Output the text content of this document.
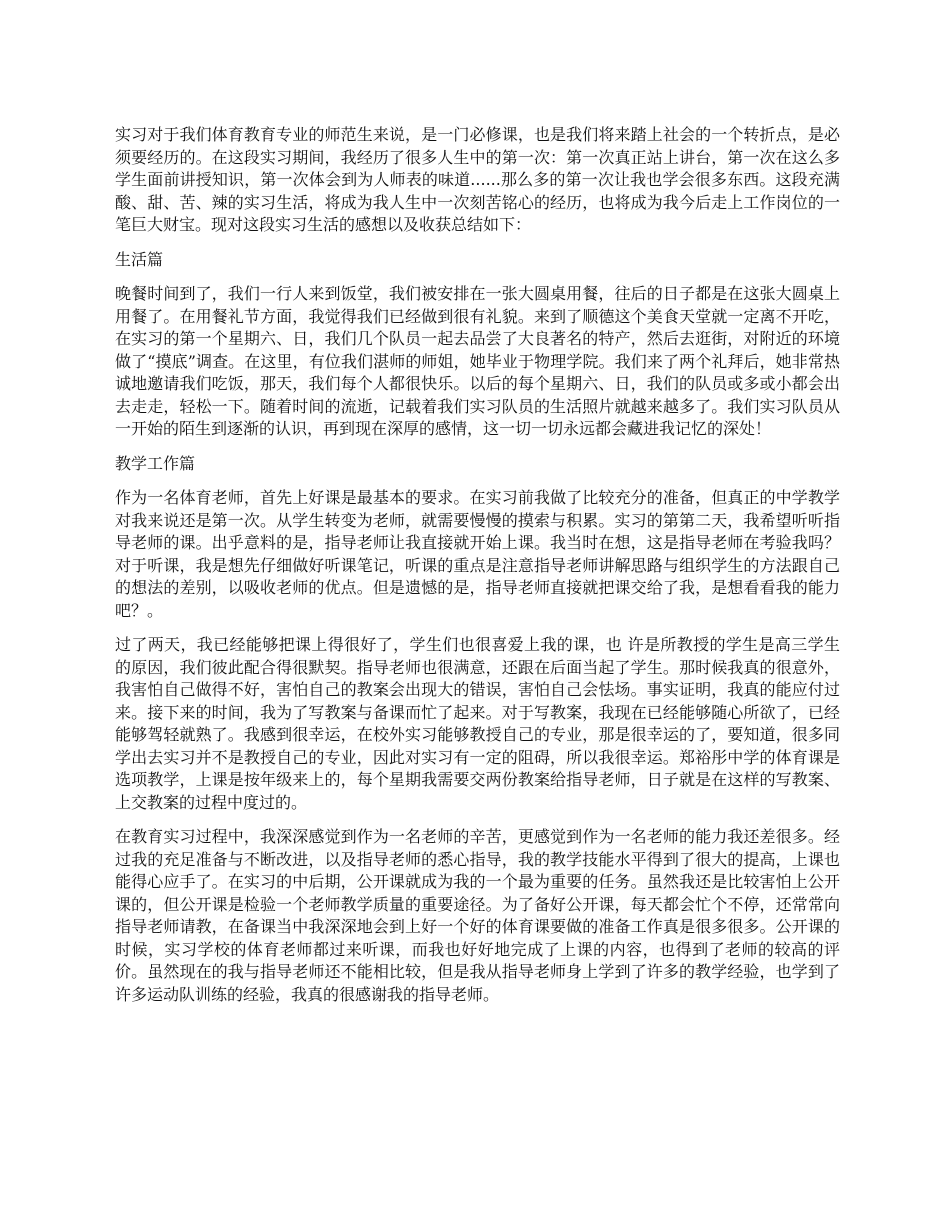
实习对于我们体育教育专业的师范生来说，是一门必修课，也是我们将来踏上社会的一个转折点，是必须要经历的。在这段实习期间，我经历了很多人生中的第一次：第一次真正站上讲台，第一次在这么多学生面前讲授知识，第一次体会到为人师表的味道......那么多的第一次让我也学会很多东西。这段充满酸、甜、苦、辣的实习生活，将成为我人生中一次刻苦铭心的经历，也将成为我今后走上工作岗位的一笔巨大财宝。现对这段实习生活的感想以及收获总结如下：

生活篇

晚餐时间到了，我们一行人来到饭堂，我们被安排在一张大圆桌用餐，往后的日子都是在这张大圆桌上用餐了。在用餐礼节方面，我觉得我们已经做到很有礼貌。来到了顺德这个美食天堂就一定离不开吃，在实习的第一个星期六、日，我们几个队员一起去品尝了大良著名的特产，然后去逛街，对附近的环境做了“摸底”调查。在这里，有位我们湛师的师姐，她毕业于物理学院。我们来了两个礼拜后，她非常热诚地邀请我们吃饭，那天，我们每个人都很快乐。以后的每个星期六、日，我们的队员或多或小都会出去走走，轻松一下。随着时间的流逝，记载着我们实习队员的生活照片就越来越多了。我们实习队员从一开始的陌生到逐渐的认识，再到现在深厚的感情，这一切一切永远都会藏进我记忆的深处！

教学工作篇

作为一名体育老师，首先上好课是最基本的要求。在实习前我做了比较充分的准备，但真正的中学教学对我来说还是第一次。从学生转变为老师，就需要慢慢的摸索与积累。实习的第第二天，我希望听听指导老师的课。出乎意料的是，指导老师让我直接就开始上课。我当时在想，这是指导老师在考验我吗？对于听课，我是想先仔细做好听课笔记，听课的重点是注意指导老师讲解思路与组织学生的方法跟自己的想法的差别，以吸收老师的优点。但是遗憾的是，指导老师直接就把课交给了我，是想看看我的能力吧？。

过了两天，我已经能够把课上得很好了，学生们也很喜爱上我的课，也 许是所教授的学生是高三学生的原因，我们彼此配合得很默契。指导老师也很满意，还跟在后面当起了学生。那时候我真的很意外，我害怕自己做得不好，害怕自己的教案会出现大的错误，害怕自己会怯场。事实证明，我真的能应付过来。接下来的时间，我为了写教案与备课而忙了起来。对于写教案，我现在已经能够随心所欲了，已经能够驾轻就熟了。我感到很幸运，在校外实习能够教授自己的专业，那是很幸运的了，要知道，很多同学出去实习并不是教授自己的专业，因此对实习有一定的阻碍，所以我很幸运。郑裕彤中学的体育课是选项教学，上课是按年级来上的，每个星期我需要交两份教案给指导老师，日子就是在这样的写教案、上交教案的过程中度过的。

在教育实习过程中，我深深感觉到作为一名老师的辛苦，更感觉到作为一名老师的能力我还差很多。经过我的充足准备与不断改进，以及指导老师的悉心指导，我的教学技能水平得到了很大的提高，上课也能得心应手了。在实习的中后期，公开课就成为我的一个最为重要的任务。虽然我还是比较害怕上公开课的，但公开课是检验一个老师教学质量的重要途径。为了备好公开课，每天都会忙个不停，还常常向指导老师请教，在备课当中我深深地会到上好一个好的体育课要做的准备工作真是很多很多。公开课的时候，实习学校的体育老师都过来听课，而我也好好地完成了上课的内容，也得到了老师的较高的评价。虽然现在的我与指导老师还不能相比较，但是我从指导老师身上学到了许多的教学经验，也学到了许多运动队训练的经验，我真的很感谢我的指导老师。
